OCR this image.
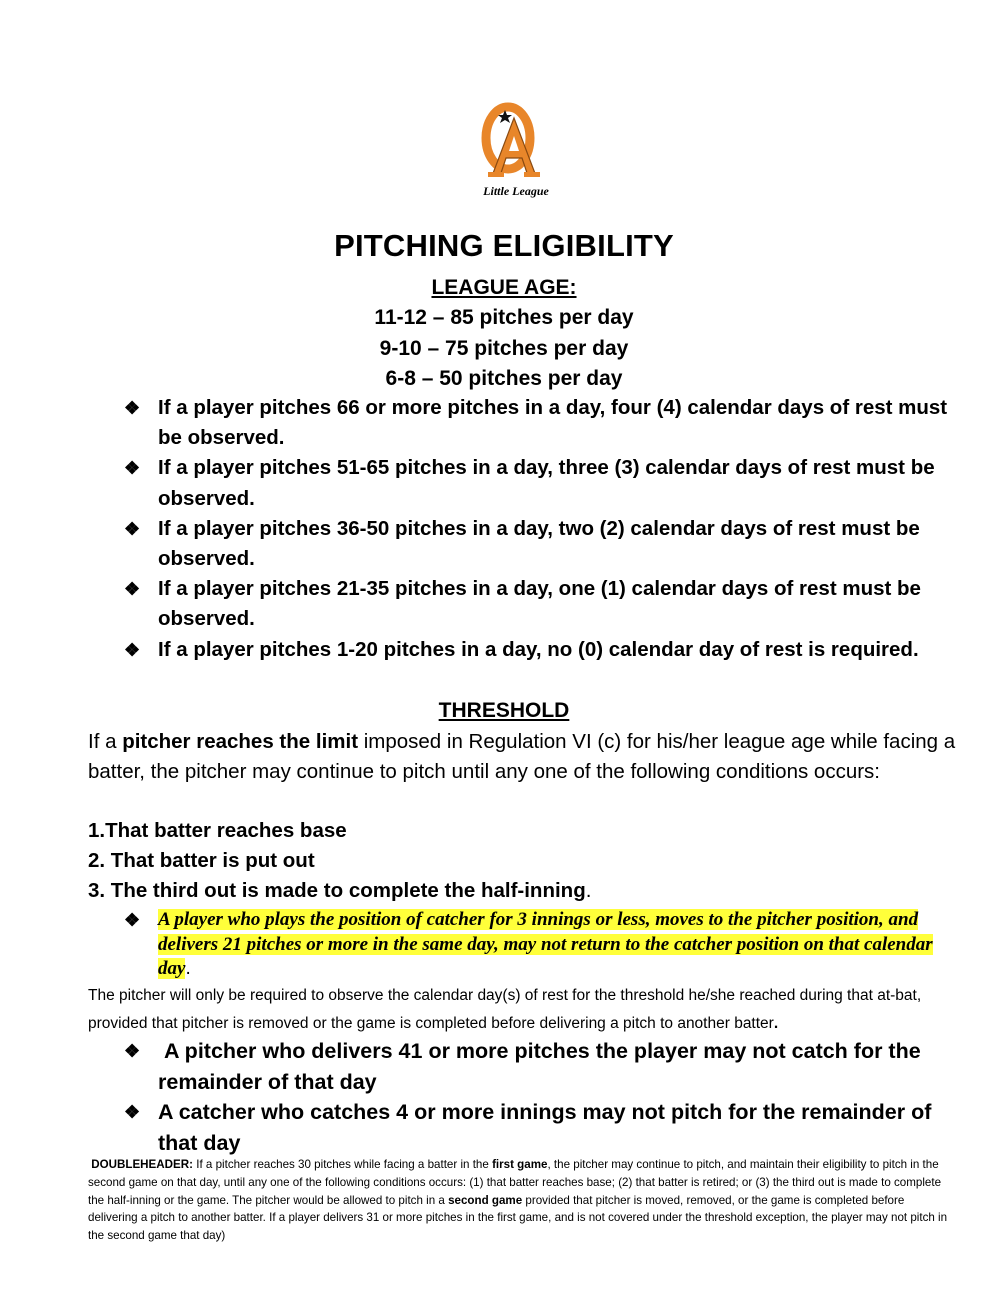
Little League
PITCHING ELIGIBILITY
LEAGUE AGE:
11-12 – 85 pitches per day
9-10 – 75 pitches per day
6-8 – 50 pitches per day
❖ If a player pitches 66 or more pitches in a day, four (4) calendar days of rest must be observed.
❖ If a player pitches 51-65 pitches in a day, three (3) calendar days of rest must be observed.
❖ If a player pitches 36-50 pitches in a day, two (2) calendar days of rest must be observed.
❖ If a player pitches 21-35 pitches in a day, one (1) calendar days of rest must be observed.
❖ If a player pitches 1-20 pitches in a day, no (0) calendar day of rest is required.
THRESHOLD
If a pitcher reaches the limit imposed in Regulation VI (c) for his/her league age while facing a batter, the pitcher may continue to pitch until any one of the following conditions occurs:
1.That batter reaches base
2. That batter is put out
3. The third out is made to complete the half-inning.
❖ A player who plays the position of catcher for 3 innings or less, moves to the pitcher position, and delivers 21 pitches or more in the same day, may not return to the catcher position on that calendar day.
The pitcher will only be required to observe the calendar day(s) of rest for the threshold he/she reached during that at-bat, provided that pitcher is removed or the game is completed before delivering a pitch to another batter.
❖ A pitcher who delivers 41 or more pitches the player may not catch for the remainder of that day
❖ A catcher who catches 4 or more innings may not pitch for the remainder of that day
DOUBLEHEADER: If a pitcher reaches 30 pitches while facing a batter in the first game, the pitcher may continue to pitch, and maintain their eligibility to pitch in the second game on that day, until any one of the following conditions occurs: (1) that batter reaches base; (2) that batter is retired; or (3) the third out is made to complete the half-inning or the game. The pitcher would be allowed to pitch in a second game provided that pitcher is moved, removed, or the game is completed before delivering a pitch to another batter. If a player delivers 31 or more pitches in the first game, and is not covered under the threshold exception, the player may not pitch in the second game that day)
